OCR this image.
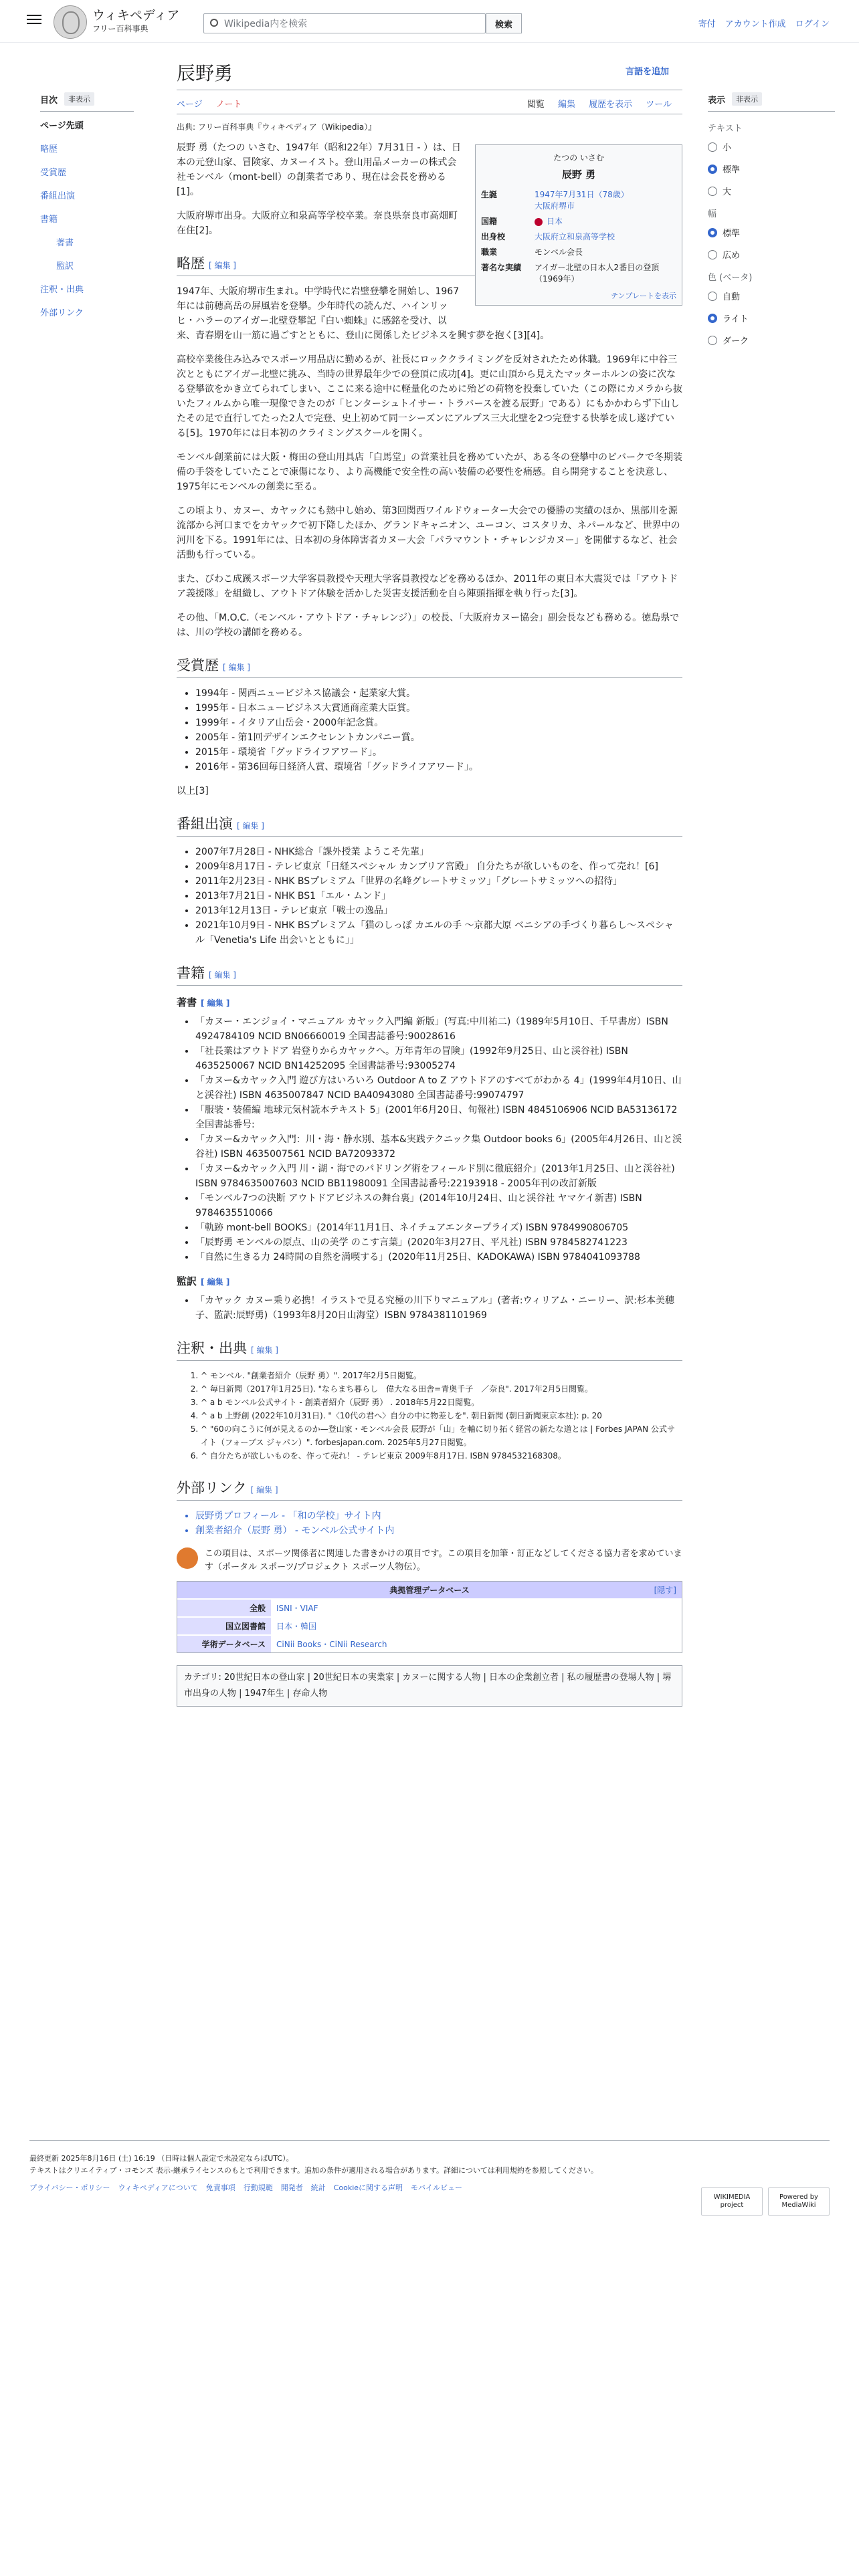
ウィキペディア
フリー百科事典	Wikipedia内を検索	検索	寄付 アカウント作成 ログイン
目次	非表示
ページ先頭
略歴
受賞歴
番組出演
書籍
著書
監訳
注釈・出典
外部リンク
表示	非表示
テキスト
小
標準
大
幅
標準
広め
色 (ベータ)
自動
ライト
ダーク
辰野勇	言語を追加
ページ ノート	閲覧 編集 履歴を表示 ツール
出典: フリー百科事典『ウィキペディア（Wikipedia）』
たつの いさむ
辰野 勇
生誕	1947年7月31日（78歳）
大阪府堺市
国籍	日本
出身校	大阪府立和泉高等学校
職業	モンベル会長
著名な実績	アイガー北壁の日本人2番目の登頂（1969年）
テンプレートを表示

辰野 勇（たつの いさむ、1947年（昭和22年）7月31日 - ）は、日本の元登山家、冒険家、カヌーイスト。登山用品メーカーの株式会社モンベル（mont-bell）の創業者であり、現在は会長を務める[1]。

大阪府堺市出身。大阪府立和泉高等学校卒業。奈良県奈良市高畑町在住[2]。

略歴 [ 編集 ]

1947年、大阪府堺市生まれ。中学時代に岩壁登攀を開始し、1967年には前穂高岳の屏風岩を登攀。少年時代の読んだ、ハインリッヒ・ハラーのアイガー北壁登攀記『白い蜘蛛』に感銘を受け、以来、青春期を山一筋に過ごすとともに、登山に関係したビジネスを興す夢を抱く[3][4]。

高校卒業後住み込みでスポーツ用品店に勤めるが、社長にロッククライミングを反対されたため休職。1969年に中谷三次とともにアイガー北壁に挑み、当時の世界最年少での登頂に成功[4]。更に山頂から見えたマッターホルンの姿に次なる登攀欲をかき立てられてしまい、ここに来る途中に軽量化のために殆どの荷物を投棄していた（この際にカメラから抜いたフィルムから唯一現像できたのが「ヒンターシュトイサー・トラバースを渡る辰野」である）にもかかわらず下山したその足で直行してたった2人で完登、史上初めて同一シーズンにアルプス三大北壁を2つ完登する快挙を成し遂げている[5]。1970年には日本初のクライミングスクールを開く。

モンベル創業前には大阪・梅田の登山用具店「白馬堂」の営業社員を務めていたが、ある冬の登攀中のビバークで冬期装備の手袋をしていたことで凍傷になり、より高機能で安全性の高い装備の必要性を痛感。自ら開発することを決意し、1975年にモンベルの創業に至る。

この頃より、カヌー、カヤックにも熱中し始め、第3回関西ワイルドウォーター大会での優勝の実績のほか、黒部川を源流部から河口までをカヤックで初下降したほか、グランドキャニオン、ユーコン、コスタリカ、ネパールなど、世界中の河川を下る。1991年には、日本初の身体障害者カヌー大会「パラマウント・チャレンジカヌー」を開催するなど、社会活動も行っている。

また、びわこ成蹊スポーツ大学客員教授や天理大学客員教授などを務めるほか、2011年の東日本大震災では「アウトドア義援隊」を組織し、アウトドア体験を活かした災害支援活動を自ら陣頭指揮を執り行った[3]。

その他、「M.O.C.（モンベル・アウトドア・チャレンジ）」の校長、「大阪府カヌー協会」副会長なども務める。徳島県では、川の学校の講師を務める。

受賞歴 [ 編集 ]
• 1994年 - 関西ニュービジネス協議会・起業家大賞。
• 1995年 - 日本ニュービジネス大賞通商産業大臣賞。
• 1999年 - イタリア山岳会・2000年記念賞。
• 2005年 - 第1回デザインエクセレントカンパニー賞。
• 2015年 - 環境省「グッドライフアワード」。
• 2016年 - 第36回毎日経済人賞、環境省「グッドライフアワード」。

以上[3]

番組出演 [ 編集 ]
• 2007年7月28日 - NHK総合「課外授業 ようこそ先輩」
• 2009年8月17日 - テレビ東京「日経スペシャル カンブリア宮殿」 自分たちが欲しいものを、作って売れ！[6]
• 2011年2月23日 - NHK BSプレミアム「世界の名峰グレートサミッツ」「グレートサミッツへの招待」
• 2013年7月21日 - NHK BS1「エル・ムンド」
• 2013年12月13日 - テレビ東京「戦士の逸品」
• 2021年10月9日 - NHK BSプレミアム「猫のしっぽ カエルの手 〜京都大原 ベニシアの手づくり暮らし〜スペシャル「Venetia's Life 出会いとともに」」
書籍 [ 編集 ]
著書 [ 編集 ]
• 「カヌー・エンジョイ・マニュアル カヤック入門編 新版」(写真:中川祐二)（1989年5月10日、千早書房）ISBN 4924784109 NCID BN06660019 全国書誌番号:90028616
• 「社長業はアウトドア 岩登りからカヤックへ。万年青年の冒険」(1992年9月25日、山と渓谷社) ISBN 4635250067 NCID BN14252095 全国書誌番号:93005274
• 「カヌー&カヤック入門 遊び方はいろいろ Outdoor A to Z アウトドアのすべてがわかる 4」(1999年4月10日、山と渓谷社) ISBN 4635007847 NCID BA40943080 全国書誌番号:99074797
• 「服装・装備編 地球元気村読本テキスト 5」(2001年6月20日、旬報社) ISBN 4845106906 NCID BA53136172 全国書誌番号:
• 「カヌー&カヤック入門：川・海・静水別、基本&実践テクニック集 Outdoor books 6」(2005年4月26日、山と渓谷社) ISBN 4635007561 NCID BA72093372
• 「カヌー&カヤック入門 川・湖・海でのパドリング術をフィールド別に徹底紹介」(2013年1月25日、山と渓谷社) ISBN 9784635007603 NCID BB11980091 全国書誌番号:22193918 - 2005年刊の改訂新版
• 「モンベル7つの決断 アウトドアビジネスの舞台裏」(2014年10月24日、山と渓谷社 ヤマケイ新書) ISBN 9784635510066
• 「軌跡 mont-bell BOOKS」(2014年11月1日、ネイチュアエンタープライズ) ISBN 9784990806705
• 「辰野勇 モンベルの原点、山の美学 のこす言葉」(2020年3月27日、平凡社) ISBN 9784582741223
• 「自然に生きる力 24時間の自然を満喫する」(2020年11月25日、KADOKAWA) ISBN 9784041093788
監訳 [ 編集 ]
• 「カヤック カヌー乗り必携！イラストで見る究極の川下りマニュアル」(著者:ウィリアム・ニーリー、訳:杉本美穂子、監訳:辰野勇)（1993年8月20日山海堂）ISBN 9784381101969
注釈・出典 [ 編集 ]
1. ^ モンベル. "創業者紹介（辰野 勇）". 2017年2月5日閲覧。
2. ^ 毎日新聞（2017年1月25日). "ならまち暮らし　偉大なる田舎=青奥千子　／奈良". 2017年2月5日閲覧。
3. ^ a b モンベル公式サイト - 創業者紹介（辰野 勇） . 2018年5月22日閲覧。
4. ^ a b 上野創 (2022年10月31日). "〈10代の君へ〉自分の中に物差しを". 朝日新聞 (朝日新聞東京本社): p. 20
5. ^ "60の向こうに何が見えるのか—登山家・モンベル会長 辰野が「山」を軸に切り拓く経営の新たな道とは | Forbes JAPAN 公式サイト（フォーブス ジャパン）". forbesjapan.com. 2025年5月27日閲覧。
6. ^ 自分たちが欲しいものを、作って売れ！ - テレビ東京 2009年8月17日. ISBN 9784532168308。
外部リンク [ 編集 ]
• 辰野勇プロフィール - 「和の学校」サイト内
• 創業者紹介（辰野 勇） - モンベル公式サイト内
この項目は、スポーツ関係者に関連した書きかけの項目です。この項目を加筆・訂正などしてくださる協力者を求めています（ポータル スポーツ/プロジェクト スポーツ人物伝）。
典拠管理データベース	[隠す]
全般	ISNI・VIAF
国立図書館	日本・韓国
学術データベース	CiNii Books・CiNii Research
カテゴリ: 20世紀日本の登山家 | 20世紀日本の実業家 | カヌーに関する人物 | 日本の企業創立者 | 私の履歴書の登場人物 | 堺市出身の人物 | 1947年生 | 存命人物
最終更新 2025年8月16日 (土) 16:19 （日時は個人設定で未設定ならばUTC）。
テキストはクリエイティブ・コモンズ 表示-継承ライセンスのもとで利用できます。追加の条件が適用される場合があります。詳細については利用規約を参照してください。
プライバシー・ポリシー ウィキペディアについて 免責事項 行動規範 開発者 統計 Cookieに関する声明 モバイルビュー
WIKIMEDIA project
Powered by MediaWiki
